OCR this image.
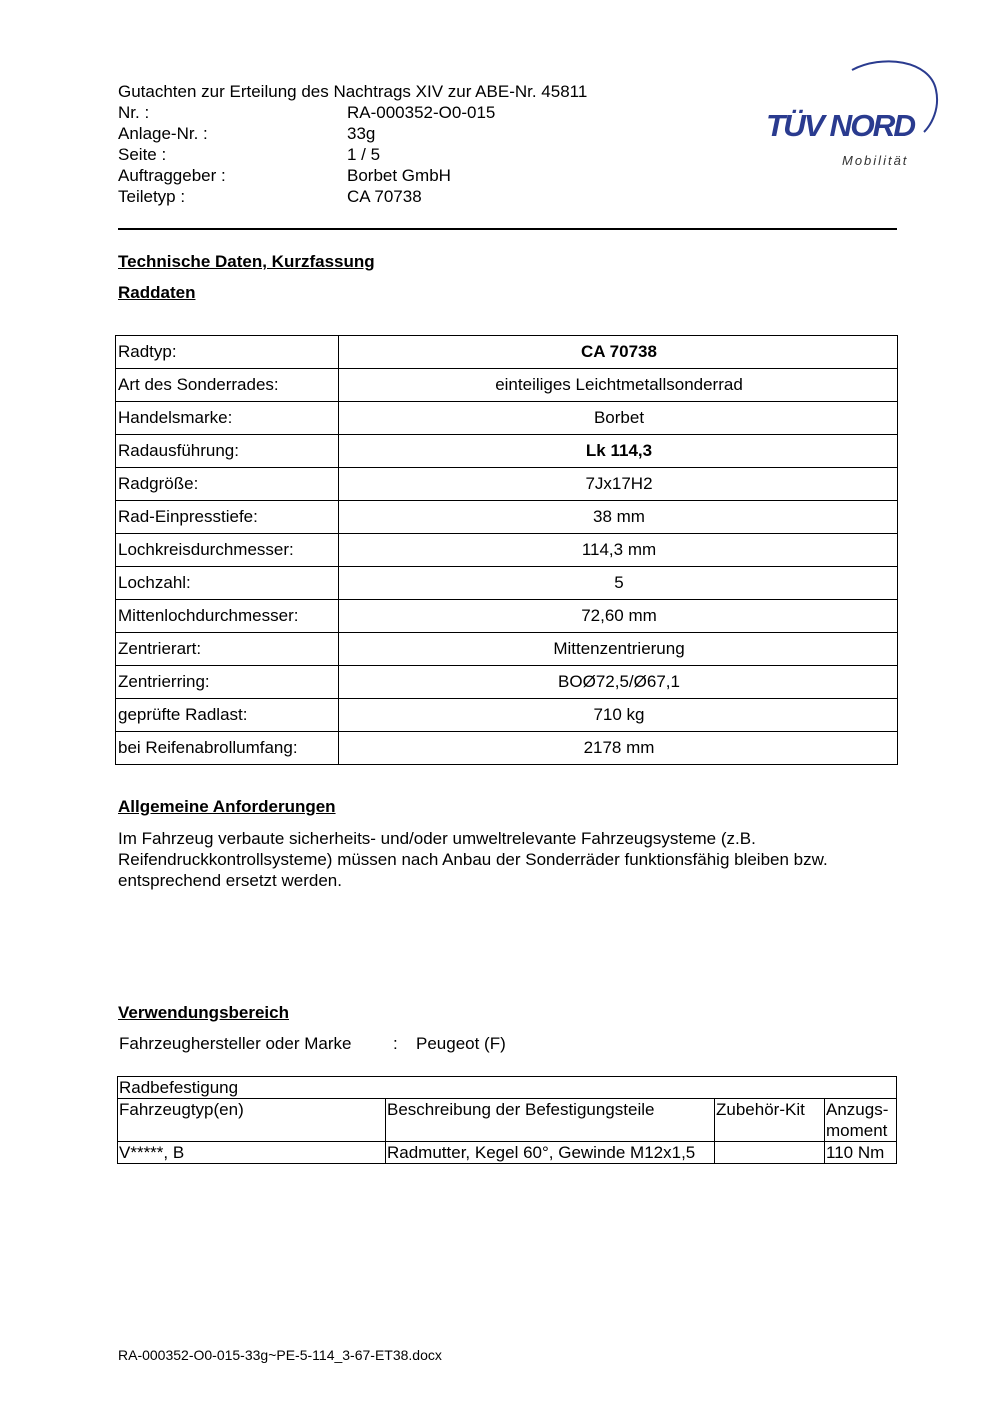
Gutachten zur Erteilung des Nachtrags XIV zur ABE-Nr. 45811
Nr. :	RA-000352-O0-015
Anlage-Nr. :	33g
Seite :	1 / 5
Auftraggeber :	Borbet GmbH
Teiletyp :	CA 70738
TÜV NORD
Mobilität
Technische Daten, Kurzfassung
Raddaten
Radtyp:	CA 70738
Art des Sonderrades:	einteiliges Leichtmetallsonderrad
Handelsmarke:	Borbet
Radausführung:	Lk 114,3
Radgröße:	7Jx17H2
Rad-Einpresstiefe:	38 mm
Lochkreisdurchmesser:	114,3 mm
Lochzahl:	5
Mittenlochdurchmesser:	72,60 mm
Zentrierart:	Mittenzentrierung
Zentrierring:	BOØ72,5/Ø67,1
geprüfte Radlast:	710 kg
bei Reifenabrollumfang:	2178 mm
Allgemeine Anforderungen
Im Fahrzeug verbaute sicherheits- und/oder umweltrelevante Fahrzeugsysteme (z.B. Reifendruckkontrollsysteme) müssen nach Anbau der Sonderräder funktionsfähig bleiben bzw. entsprechend ersetzt werden.
Verwendungsbereich
Fahrzeughersteller oder Marke	:	Peugeot (F)
Radbefestigung			
Fahrzeugtyp(en)	Beschreibung der Befestigungsteile	Zubehör-Kit	Anzugs-moment
V*****, B	Radmutter, Kegel 60°, Gewinde M12x1,5		110 Nm
RA-000352-O0-015-33g~PE-5-114_3-67-ET38.docx
